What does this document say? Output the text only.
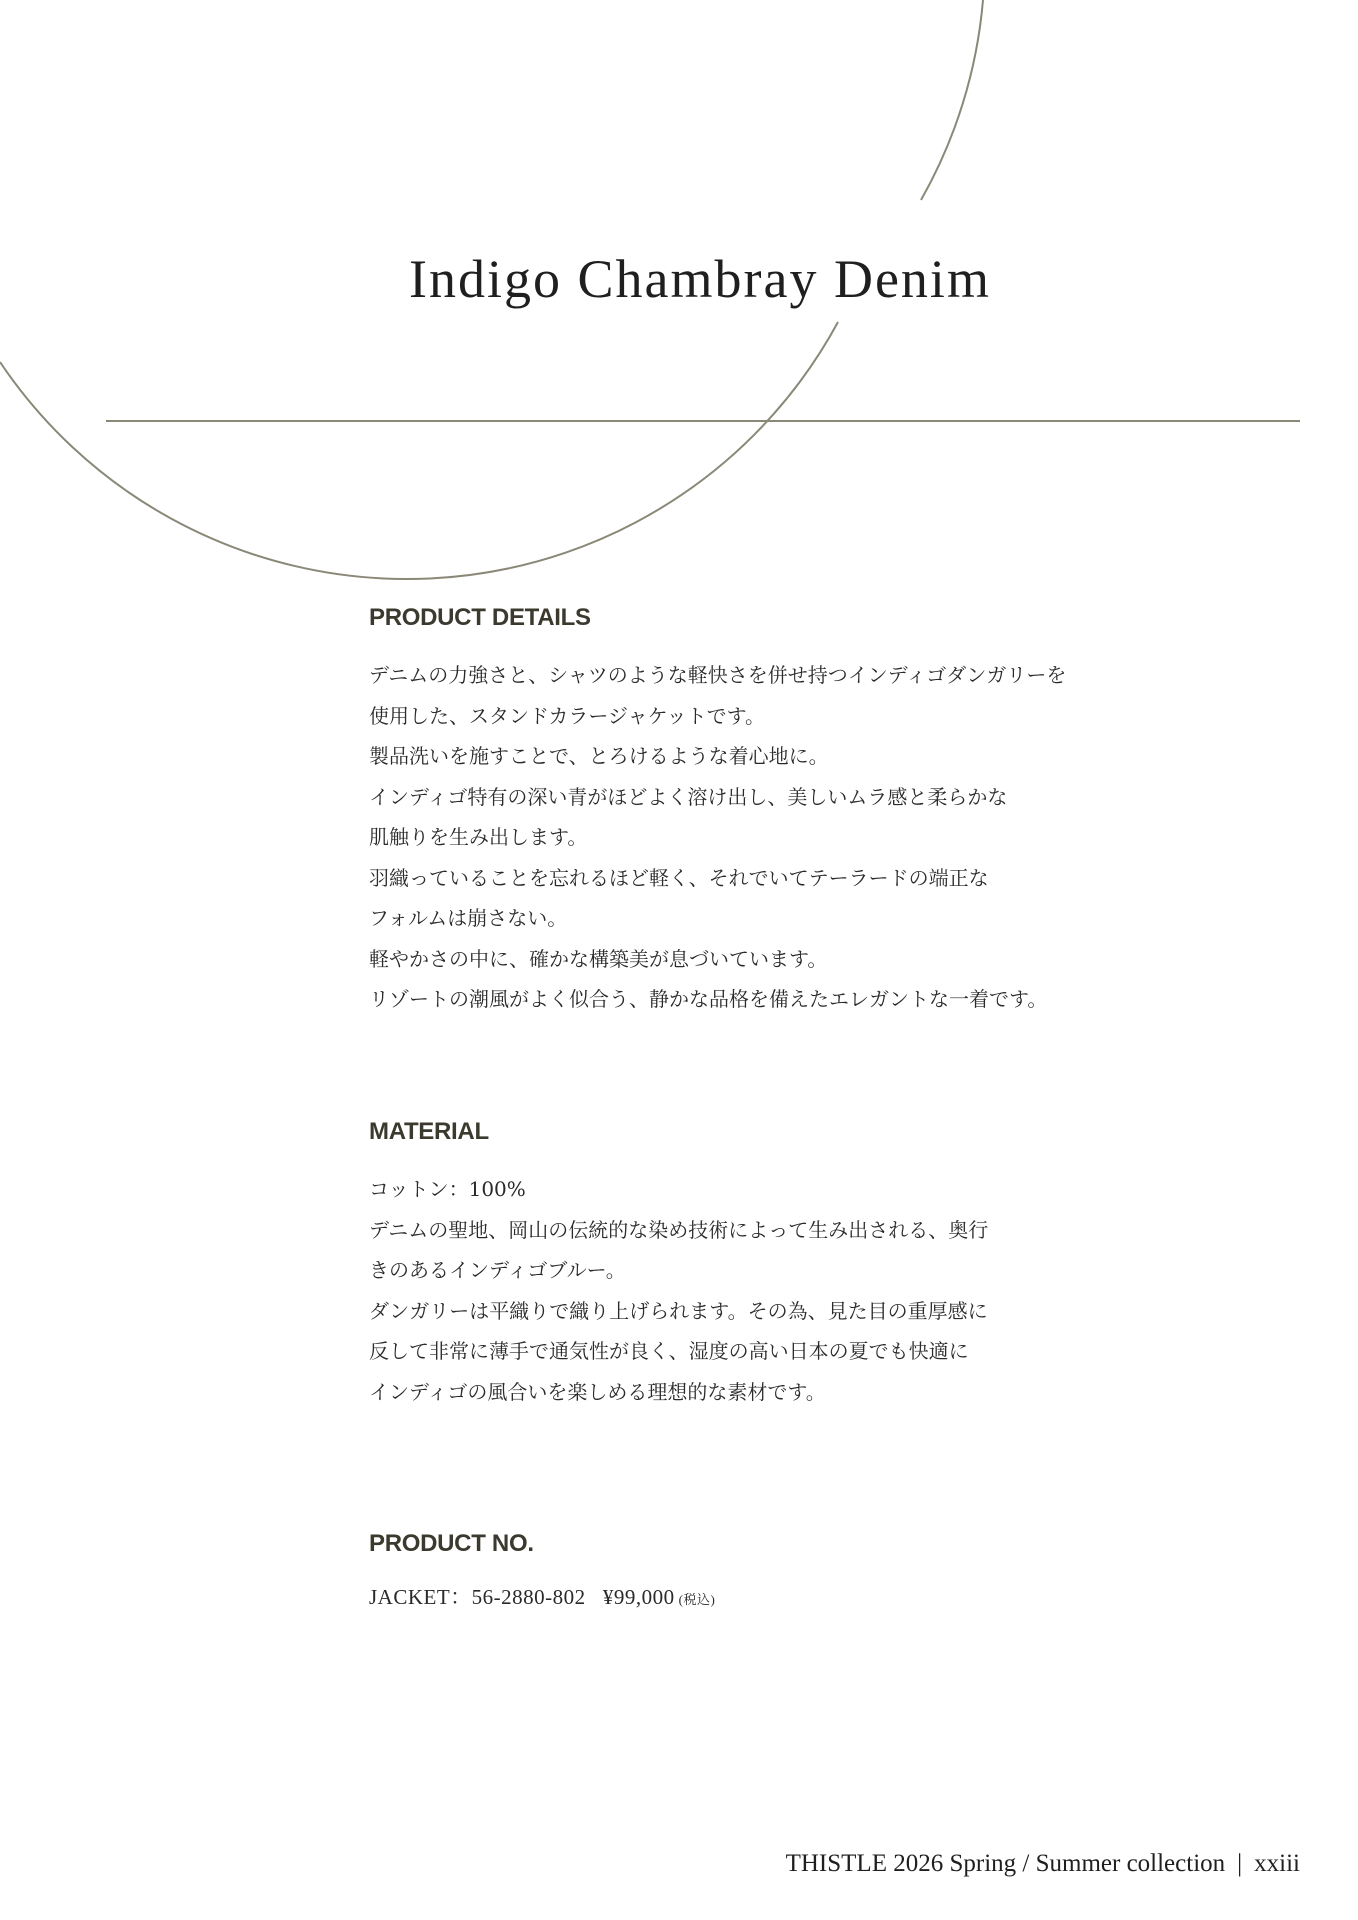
Indigo Chambray Denim
PRODUCT DETAILS
デニムの力強さと、シャツのような軽快さを併せ持つインディゴダンガリーを
使用した、スタンドカラージャケットです。
製品洗いを施すことで、とろけるような着心地に。
インディゴ特有の深い青がほどよく溶け出し、美しいムラ感と柔らかな
肌触りを生み出します。
羽織っていることを忘れるほど軽く、それでいてテーラードの端正な
フォルムは崩さない。
軽やかさの中に、確かな構築美が息づいています。
リゾートの潮風がよく似合う、静かな品格を備えたエレガントな一着です。
MATERIAL
コットン：100%
デニムの聖地、岡山の伝統的な染め技術によって生み出される、奥行
きのあるインディゴブルー。
ダンガリーは平織りで織り上げられます。その為、見た目の重厚感に
反して非常に薄手で通気性が良く、湿度の高い日本の夏でも快適に
インディゴの風合いを楽しめる理想的な素材です。
PRODUCT NO.
JACKET：56-2880-802 ¥99,000 (税込)
THISTLE 2026 Spring / Summer collection | xxiii
